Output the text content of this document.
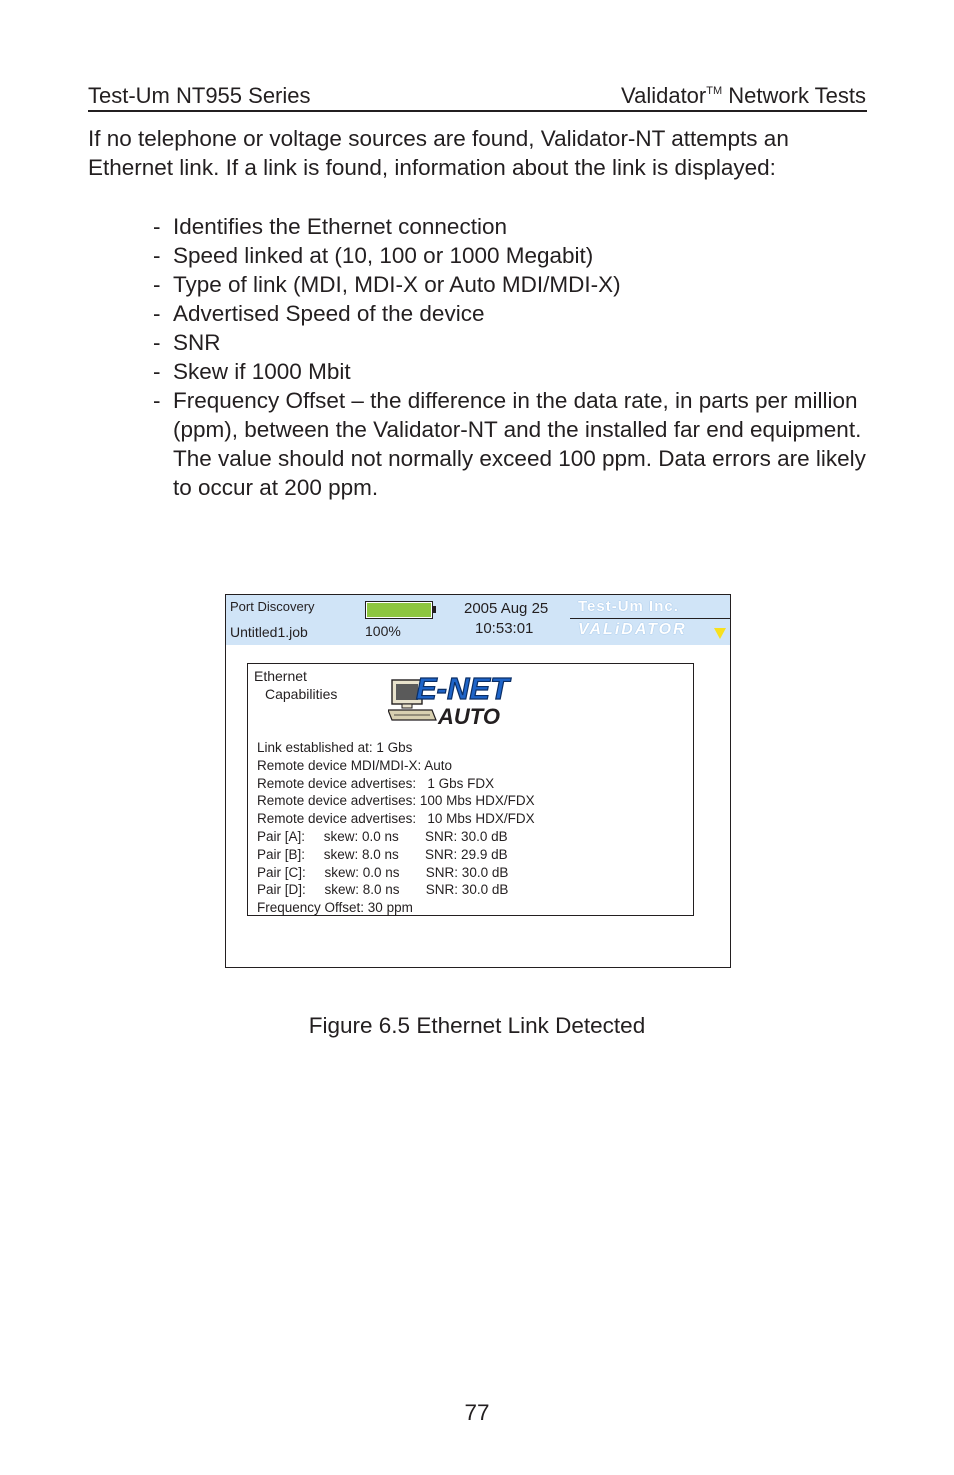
Test-Um NT955 Series	Validator™ Network Tests

If no telephone or voltage sources are found, Validator-NT attempts an Ethernet link. If a link is found, information about the link is displayed:

- Identifies the Ethernet connection
- Speed linked at (10, 100 or 1000 Megabit)
- Type of link (MDI, MDI-X or Auto MDI/MDI-X)
- Advertised Speed of the device
- SNR
- Skew if 1000 Mbit
- Frequency Offset – the difference in the data rate, in parts per million (ppm), between the Validator-NT and the installed far end equipment. The value should not normally exceed 100 ppm. Data errors are likely to occur at 200 ppm.
Port Discovery
Untitled1.job	100%
2005 Aug 25
10:53:01
Test-Um Inc.
VALiDATOR
Ethernet
Capabilities	E-NET
AUTO
Link established at: 1 Gbs
Remote device MDI/MDI-X: Auto
Remote device advertises:   1 Gbs FDX
Remote device advertises: 100 Mbs HDX/FDX
Remote device advertises:   10 Mbs HDX/FDX
Pair [A]:     skew: 0.0 ns       SNR: 30.0 dB
Pair [B]:     skew: 8.0 ns       SNR: 29.9 dB
Pair [C]:     skew: 0.0 ns       SNR: 30.0 dB
Pair [D]:     skew: 8.0 ns       SNR: 30.0 dB
Frequency Offset: 30 ppm
Figure 6.5 Ethernet Link Detected
77
